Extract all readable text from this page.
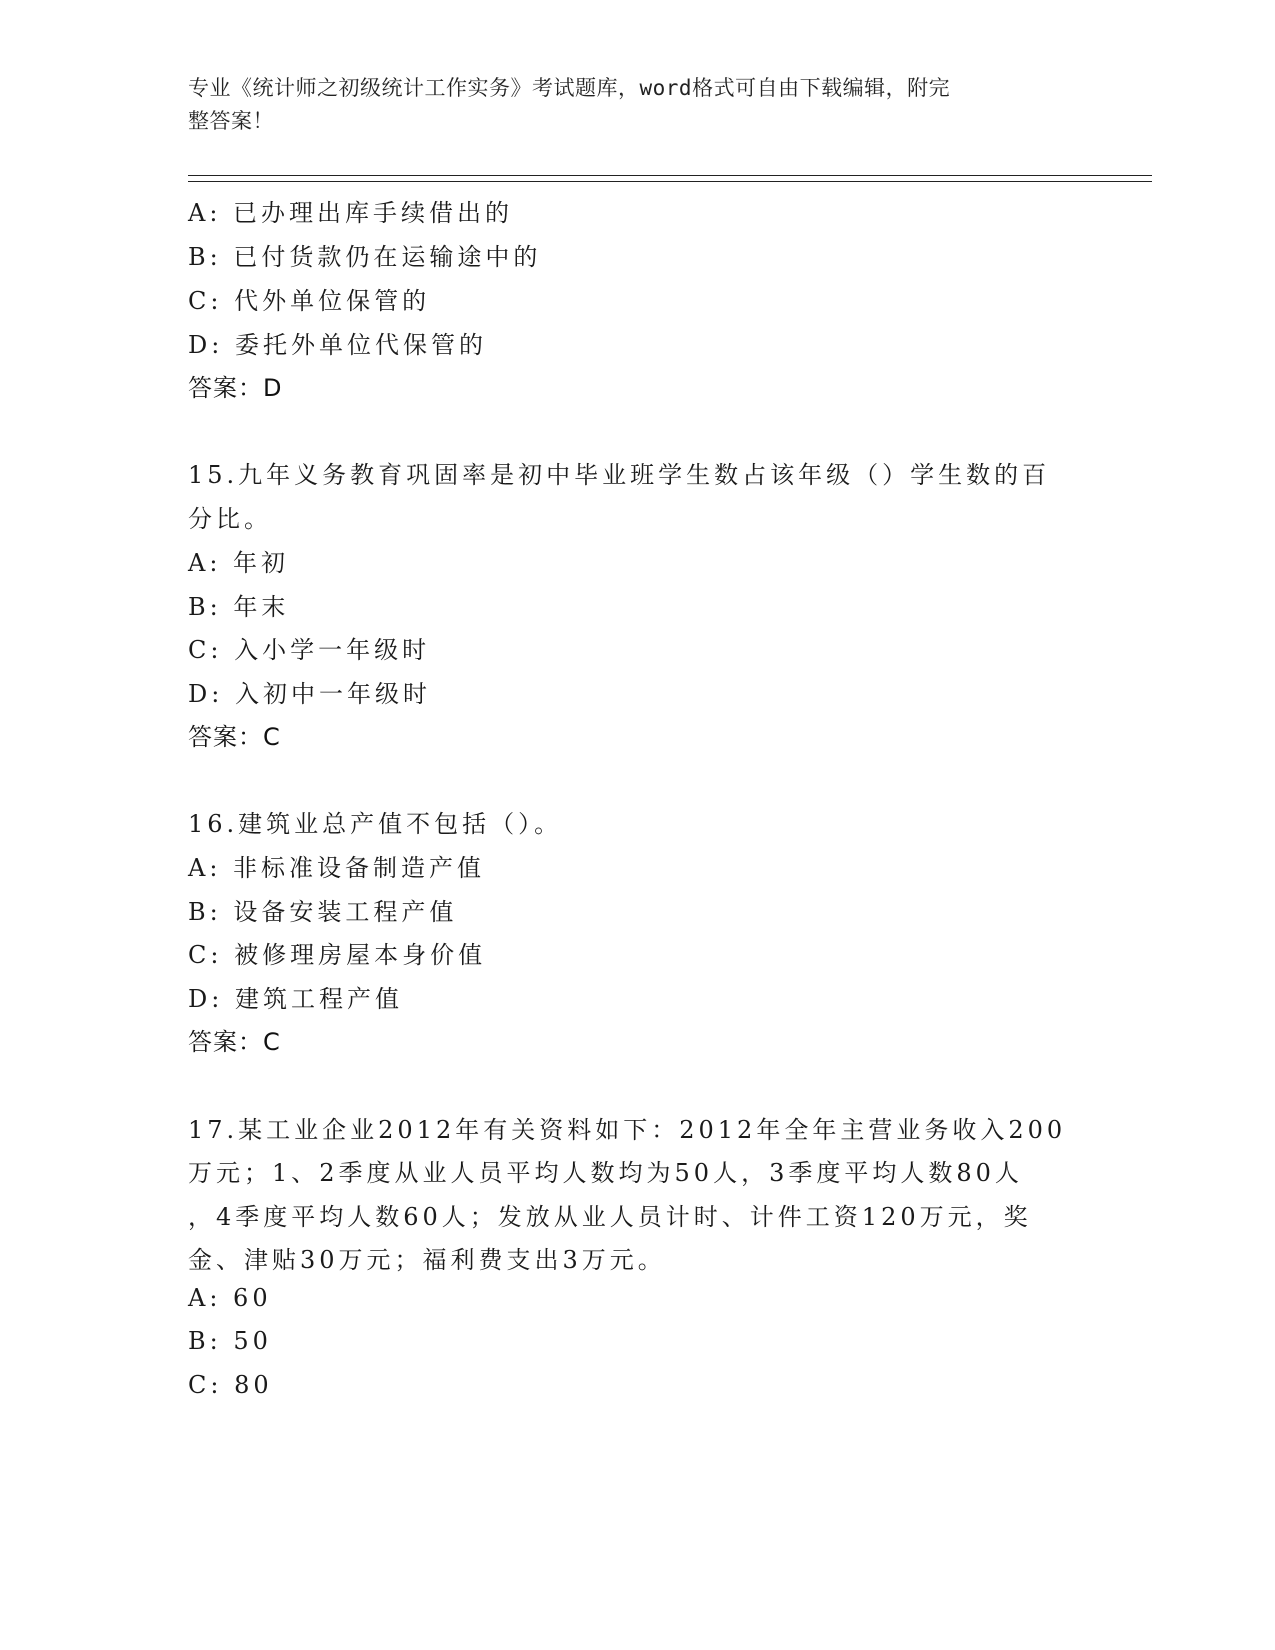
专业《统计师之初级统计工作实务》考试题库，word格式可自由下载编辑，附完
整答案！
A: 已办理出库手续借出的
B: 已付货款仍在运输途中的
C: 代外单位保管的
D: 委托外单位代保管的
答案：D
15.九年义务教育巩固率是初中毕业班学生数占该年级（）学生数的百
分比。
A: 年初
B: 年末
C: 入小学一年级时
D: 入初中一年级时
答案：C
16.建筑业总产值不包括（）。
A: 非标准设备制造产值
B: 设备安装工程产值
C: 被修理房屋本身价值
D: 建筑工程产值
答案：C
17.某工业企业2012年有关资料如下：2012年全年主营业务收入200
万元；1、2季度从业人员平均人数均为50人，3季度平均人数80人
，4季度平均人数60人；发放从业人员计时、计件工资120万元，奖
金、津贴30万元；福利费支出3万元。
A: 60
B: 50
C: 80
